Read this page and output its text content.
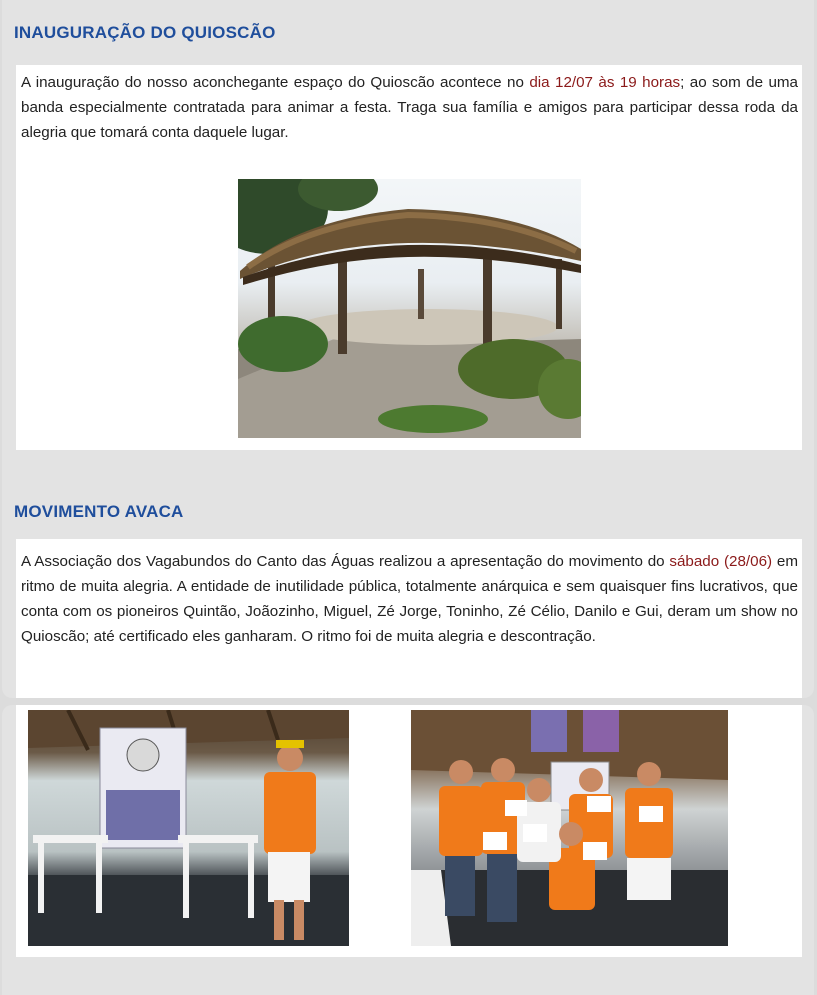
INAUGURAÇÃO DO QUIOSCÃO

A inauguração do nosso aconchegante espaço do Quioscão acontece no dia 12/07 às 19 horas; ao som de uma banda especialmente contratada para animar a festa. Traga sua família e amigos para participar dessa roda da alegria que tomará conta daquele lugar.

MOVIMENTO AVACA

A Associação dos Vagabundos do Canto das Águas realizou a apresentação do movimento do sábado (28/06) em ritmo de muita alegria. A entidade de inutilidade pública, totalmente anárquica e sem quaisquer fins lucrativos, que conta com os pioneiros Quintão, Joãozinho, Miguel, Zé Jorge, Toninho, Zé Célio, Danilo e Gui, deram um show no Quioscão; até certificado eles ganharam. O ritmo foi de muita alegria e descontração.
